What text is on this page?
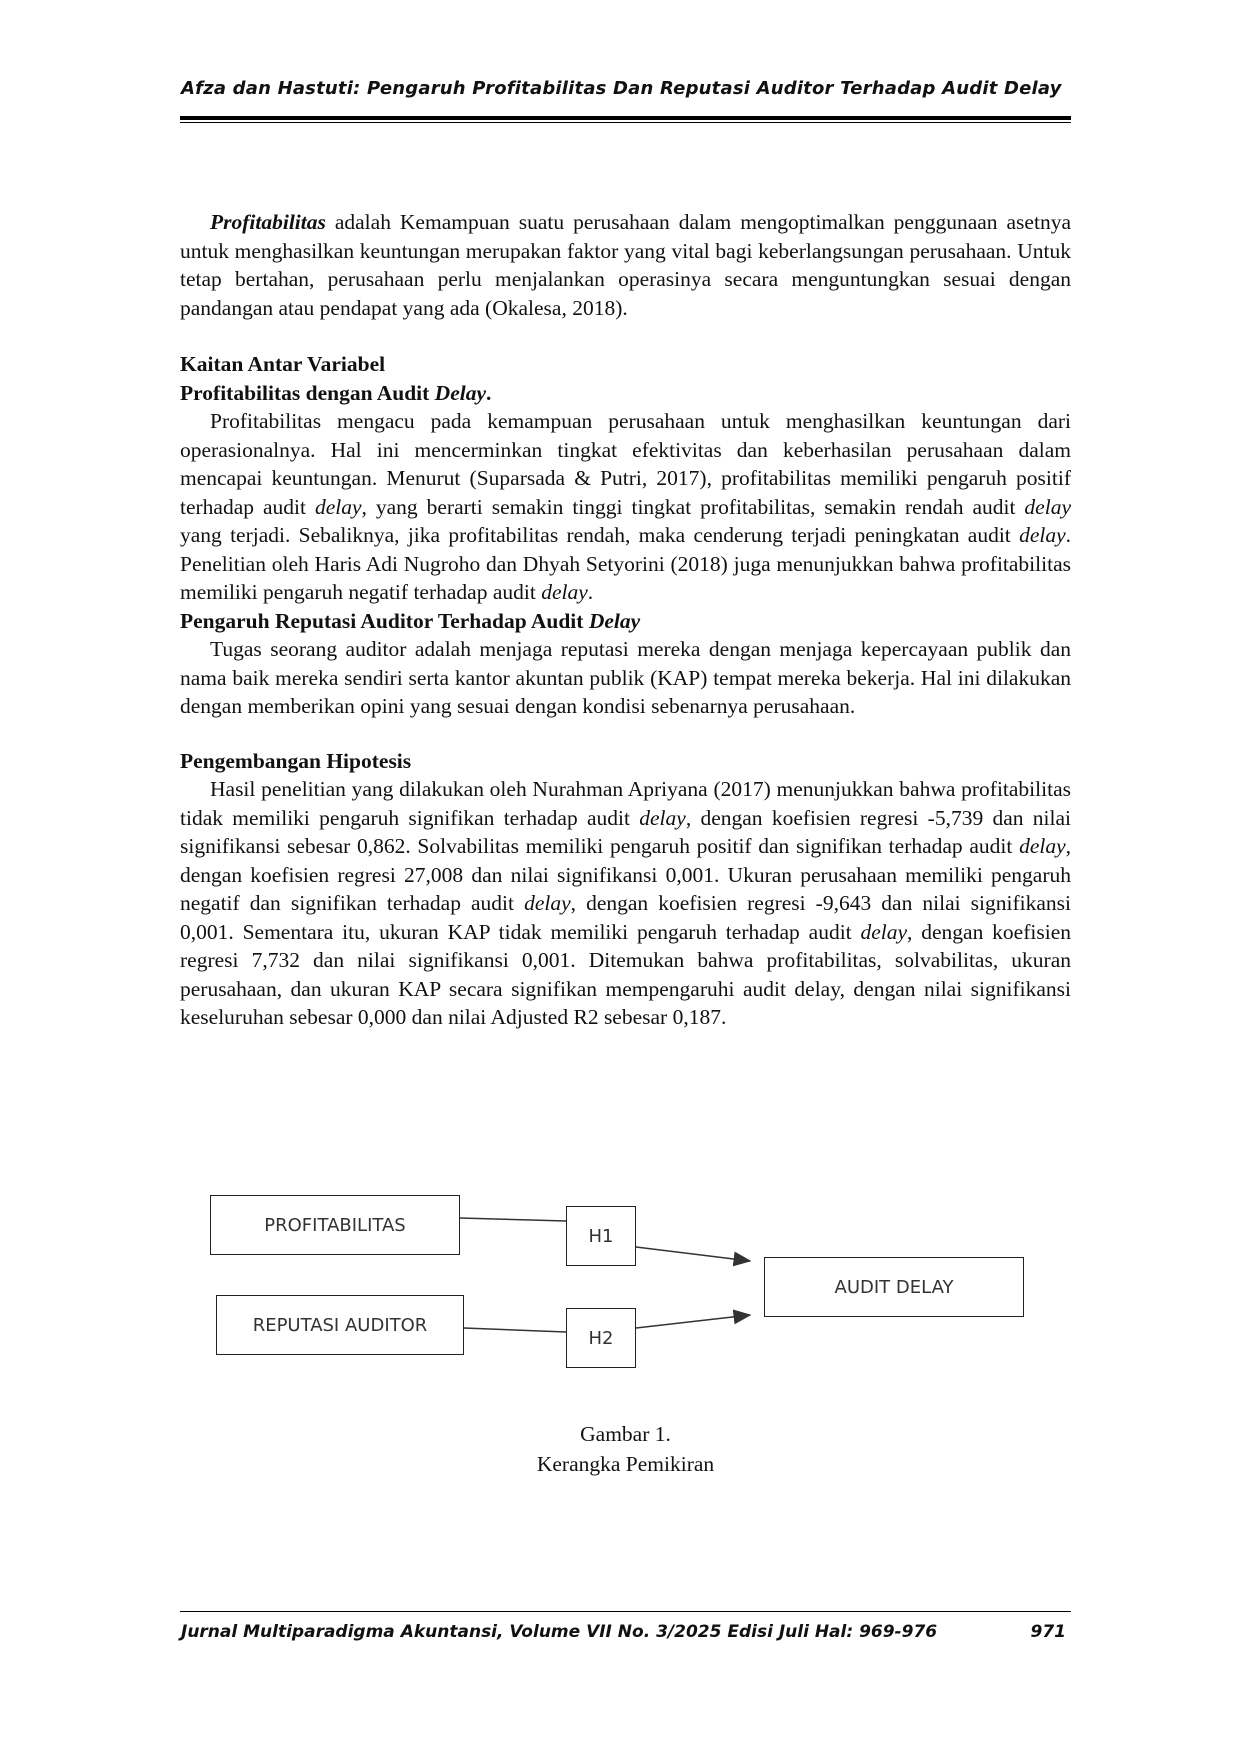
Afza dan Hastuti: Pengaruh Profitabilitas Dan Reputasi Auditor Terhadap Audit Delay

Profitabilitas adalah Kemampuan suatu perusahaan dalam mengoptimalkan penggunaan asetnya untuk menghasilkan keuntungan merupakan faktor yang vital bagi keberlangsungan perusahaan. Untuk tetap bertahan, perusahaan perlu menjalankan operasinya secara menguntungkan sesuai dengan pandangan atau pendapat yang ada (Okalesa, 2018).

Kaitan Antar Variabel

Profitabilitas dengan Audit Delay.

Profitabilitas mengacu pada kemampuan perusahaan untuk menghasilkan keuntungan dari operasionalnya. Hal ini mencerminkan tingkat efektivitas dan keberhasilan perusahaan dalam mencapai keuntungan. Menurut (Suparsada & Putri, 2017), profitabilitas memiliki pengaruh positif terhadap audit delay, yang berarti semakin tinggi tingkat profitabilitas, semakin rendah audit delay yang terjadi. Sebaliknya, jika profitabilitas rendah, maka cenderung terjadi peningkatan audit delay. Penelitian oleh Haris Adi Nugroho dan Dhyah Setyorini (2018) juga menunjukkan bahwa profitabilitas memiliki pengaruh negatif terhadap audit delay.

Pengaruh Reputasi Auditor Terhadap Audit Delay

Tugas seorang auditor adalah menjaga reputasi mereka dengan menjaga kepercayaan publik dan nama baik mereka sendiri serta kantor akuntan publik (KAP) tempat mereka bekerja. Hal ini dilakukan dengan memberikan opini yang sesuai dengan kondisi sebenarnya perusahaan.

Pengembangan Hipotesis

Hasil penelitian yang dilakukan oleh Nurahman Apriyana (2017) menunjukkan bahwa profitabilitas tidak memiliki pengaruh signifikan terhadap audit delay, dengan koefisien regresi -5,739 dan nilai signifikansi sebesar 0,862. Solvabilitas memiliki pengaruh positif dan signifikan terhadap audit delay, dengan koefisien regresi 27,008 dan nilai signifikansi 0,001. Ukuran perusahaan memiliki pengaruh negatif dan signifikan terhadap audit delay, dengan koefisien regresi -9,643 dan nilai signifikansi 0,001. Sementara itu, ukuran KAP tidak memiliki pengaruh terhadap audit delay, dengan koefisien regresi 7,732 dan nilai signifikansi 0,001. Ditemukan bahwa profitabilitas, solvabilitas, ukuran perusahaan, dan ukuran KAP secara signifikan mempengaruhi audit delay, dengan nilai signifikansi keseluruhan sebesar 0,000 dan nilai Adjusted R2 sebesar 0,187.

PROFITABILITAS
REPUTASI AUDITOR
H1
H2
AUDIT DELAY
Gambar 1.
Kerangka Pemikiran
Jurnal Multiparadigma Akuntansi, Volume VII No. 3/2025 Edisi Juli Hal: 969-976	971
